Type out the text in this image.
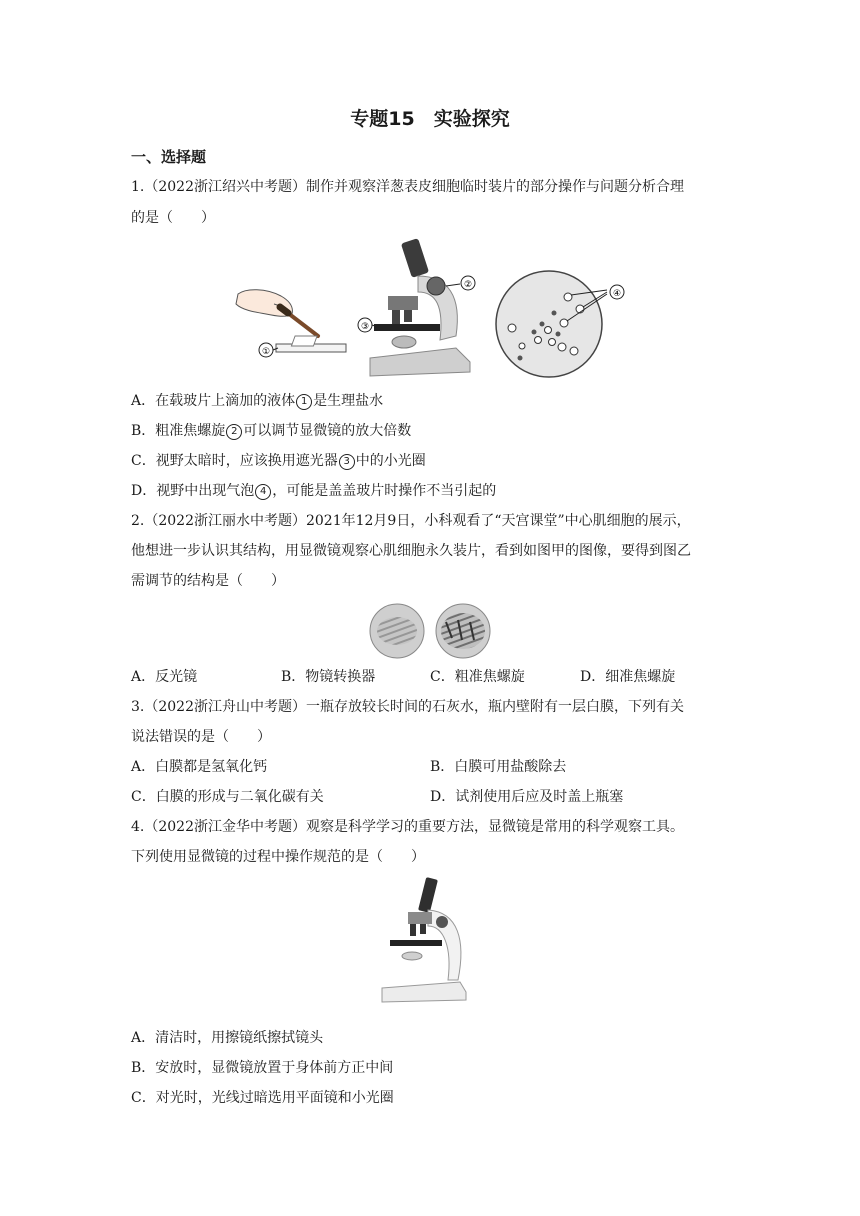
专题15　实验探究
一、选择题
1.（2022浙江绍兴中考题）制作并观察洋葱表皮细胞临时装片的部分操作与问题分析合理
的是（　　）
①
②
③
④
A．在载玻片上滴加的液体 1 是生理盐水
B．粗准焦螺旋 2 可以调节显微镜的放大倍数
C．视野太暗时，应该换用遮光器 3 中的小光圈
D．视野中出现气泡 4 ，可能是盖盖玻片时操作不当引起的
2.（2022浙江丽水中考题）2021年12月9日，小科观看了“天宫课堂”中心肌细胞的展示，
他想进一步认识其结构，用显微镜观察心肌细胞永久装片，看到如图甲的图像，要得到图乙
需调节的结构是（　　）
A．反光镜	B．物镜转换器	C．粗准焦螺旋	D．细准焦螺旋
3.（2022浙江舟山中考题）一瓶存放较长时间的石灰水，瓶内壁附有一层白膜，下列有关
说法错误的是（　　）
A．白膜都是氢氧化钙	B．白膜可用盐酸除去
C．白膜的形成与二氧化碳有关	D．试剂使用后应及时盖上瓶塞
4.（2022浙江金华中考题）观察是科学学习的重要方法，显微镜是常用的科学观察工具。
下列使用显微镜的过程中操作规范的是（　　）
A．清洁时，用擦镜纸擦拭镜头
B．安放时，显微镜放置于身体前方正中间
C．对光时，光线过暗选用平面镜和小光圈
